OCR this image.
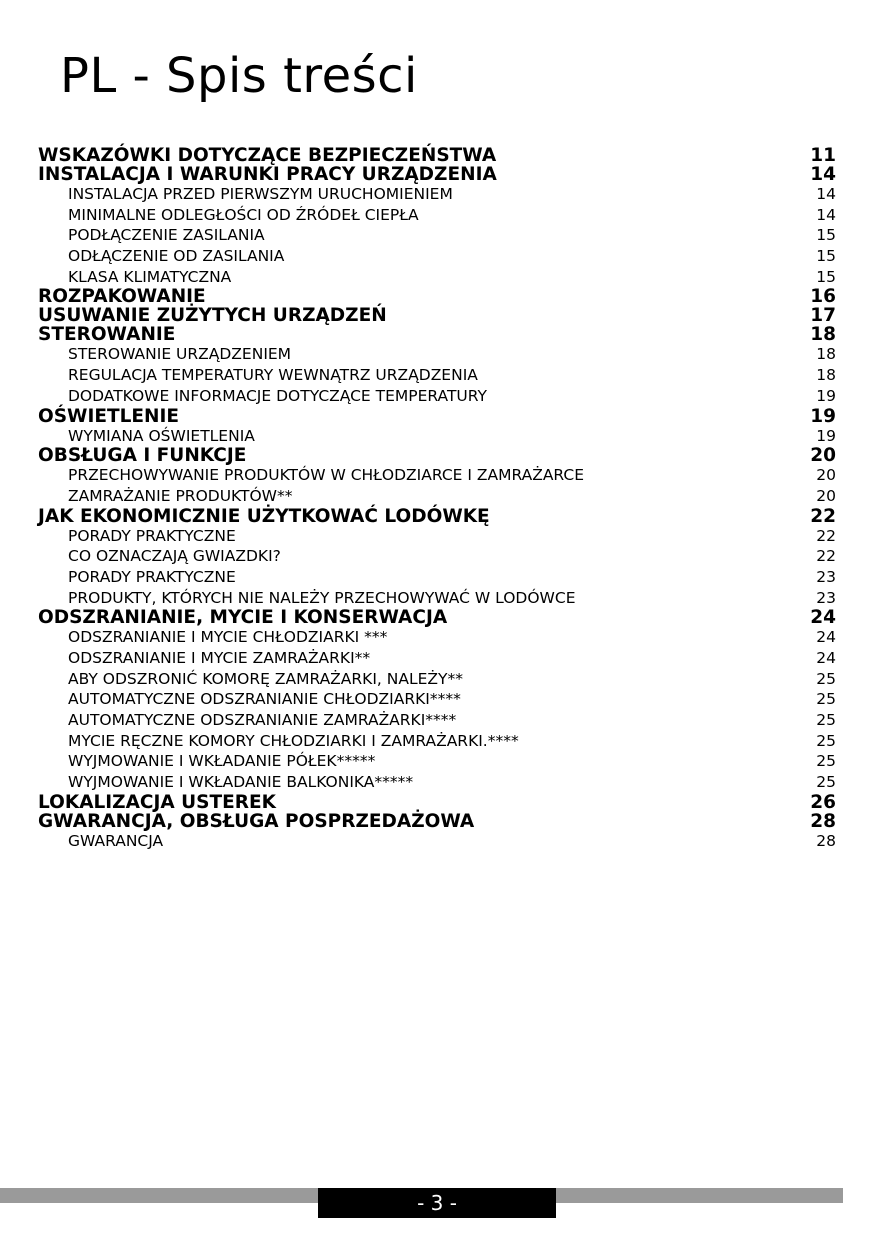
PL - Spis treści
WSKAZÓWKI DOTYCZĄCE BEZPIECZEŃSTWA	11
INSTALACJA I WARUNKI PRACY URZĄDZENIA	14
INSTALACJA PRZED PIERWSZYM URUCHOMIENIEM	14
MINIMALNE ODLEGŁOŚCI OD ŹRÓDEŁ CIEPŁA	14
PODŁĄCZENIE ZASILANIA	15
ODŁĄCZENIE OD ZASILANIA	15
KLASA KLIMATYCZNA	15
ROZPAKOWANIE	16
USUWANIE ZUŻYTYCH URZĄDZEŃ	17
STEROWANIE	18
STEROWANIE URZĄDZENIEM	18
REGULACJA TEMPERATURY WEWNĄTRZ URZĄDZENIA	18
DODATKOWE INFORMACJE DOTYCZĄCE TEMPERATURY	19
OŚWIETLENIE	19
WYMIANA OŚWIETLENIA	19
OBSŁUGA I FUNKCJE	20
PRZECHOWYWANIE PRODUKTÓW W CHŁODZIARCE I ZAMRAŻARCE	20
ZAMRAŻANIE PRODUKTÓW**	20
JAK EKONOMICZNIE UŻYTKOWAĆ LODÓWKĘ	22
PORADY PRAKTYCZNE	22
CO OZNACZAJĄ GWIAZDKI?	22
PORADY PRAKTYCZNE	23
PRODUKTY, KTÓRYCH NIE NALEŻY PRZECHOWYWAĆ W LODÓWCE	23
ODSZRANIANIE, MYCIE I KONSERWACJA	24
ODSZRANIANIE I MYCIE CHŁODZIARKI ***	24
ODSZRANIANIE I MYCIE ZAMRAŻARKI**	24
ABY ODSZRONIĆ KOMORĘ ZAMRAŻARKI, NALEŻY**	25
AUTOMATYCZNE ODSZRANIANIE CHŁODZIARKI****	25
AUTOMATYCZNE ODSZRANIANIE ZAMRAŻARKI****	25
MYCIE RĘCZNE KOMORY CHŁODZIARKI I ZAMRAŻARKI.****	25
WYJMOWANIE I WKŁADANIE PÓŁEK*****	25
WYJMOWANIE I WKŁADANIE BALKONIKA*****	25
LOKALIZACJA USTEREK	26
GWARANCJA, OBSŁUGA POSPRZEDAŻOWA	28
GWARANCJA	28
- 3 -
